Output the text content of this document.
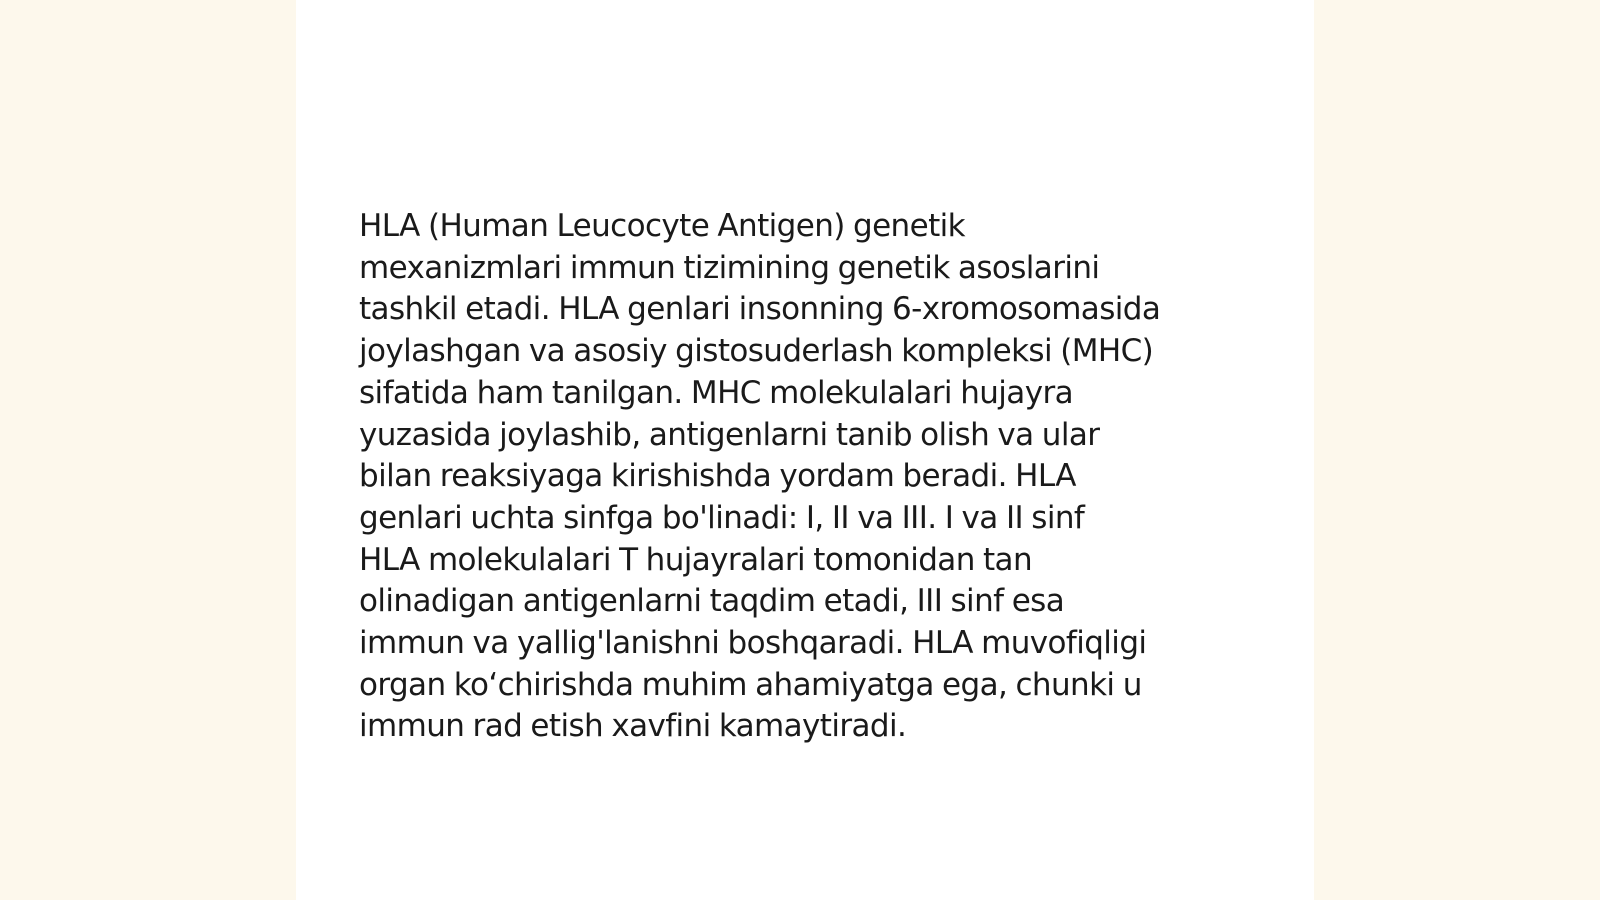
HLA (Human Leucocyte Antigen) genetik
mexanizmlari immun tizimining genetik asoslarini
tashkil etadi. HLA genlari insonning 6-xromosomasida
joylashgan va asosiy gistosuderlash kompleksi (MHC)
sifatida ham tanilgan. MHC molekulalari hujayra
yuzasida joylashib, antigenlarni tanib olish va ular
bilan reaksiyaga kirishishda yordam beradi. HLA
genlari uchta sinfga bo'linadi: I, II va III. I va II sinf
HLA molekulalari T hujayralari tomonidan tan
olinadigan antigenlarni taqdim etadi, III sinf esa
immun va yallig'lanishni boshqaradi. HLA muvofiqligi
organ ko‘chirishda muhim ahamiyatga ega, chunki u
immun rad etish xavfini kamaytiradi.
